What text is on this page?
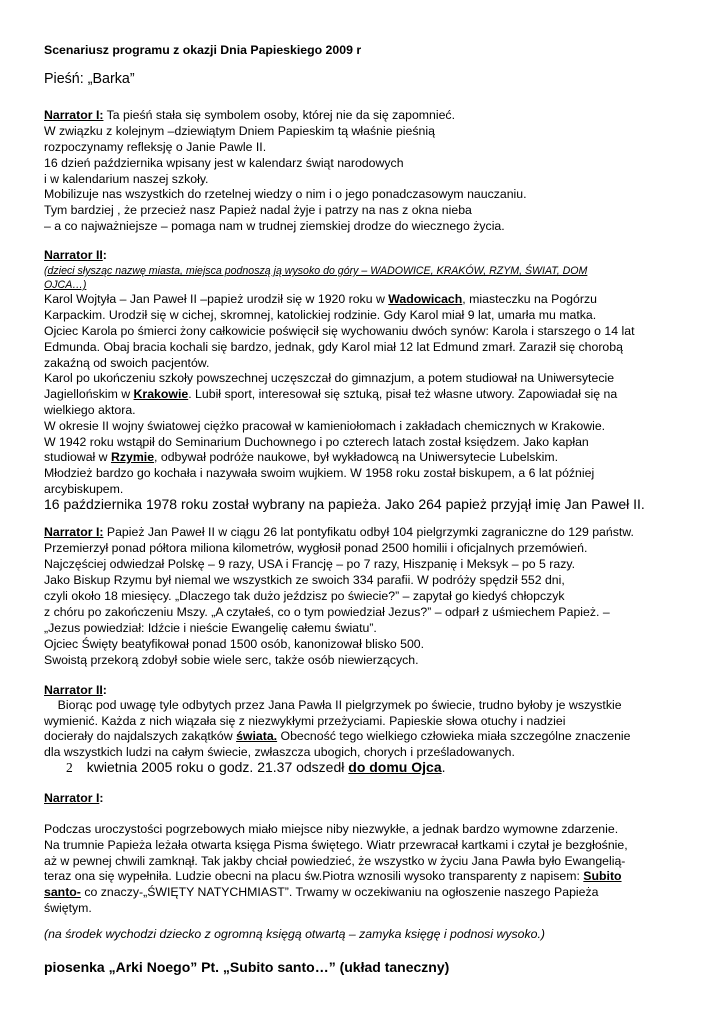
Scenariusz programu z okazji Dnia Papieskiego 2009 r
Pieśń: „Barka”
Narrator I: Ta pieśń stała się symbolem osoby, której nie da się zapomnieć.
W związku z kolejnym –dziewiątym Dniem Papieskim tą właśnie pieśnią
rozpoczynamy refleksję o Janie Pawle II.
16 dzień października wpisany jest w kalendarz świąt narodowych
i w kalendarium naszej szkoły.
Mobilizuje nas wszystkich do rzetelnej wiedzy o nim i o jego ponadczasowym nauczaniu.
Tym bardziej , że przecież nasz Papież nadal żyje i patrzy na nas z okna nieba
– a co najważniejsze – pomaga nam w trudnej ziemskiej drodze do wiecznego życia.
Narrator II:
(dzieci słysząc nazwę miasta, miejsca podnoszą ją wysoko do góry – WADOWICE, KRAKÓW, RZYM, ŚWIAT, DOM
OJCA…)
Karol Wojtyła – Jan Paweł II –papież urodził się w 1920 roku w Wadowicach, miasteczku na Pogórzu
Karpackim. Urodził się w cichej, skromnej, katolickiej rodzinie. Gdy Karol miał 9 lat, umarła mu matka.
Ojciec Karola po śmierci żony całkowicie poświęcił się wychowaniu dwóch synów: Karola i starszego o 14 lat
Edmunda. Obaj bracia kochali się bardzo, jednak, gdy Karol miał 12 lat Edmund zmarł. Zaraził się chorobą
zakaźną od swoich pacjentów.
Karol po ukończeniu szkoły powszechnej uczęszczał do gimnazjum, a potem studiował na Uniwersytecie
Jagiellońskim w Krakowie. Lubił sport, interesował się sztuką, pisał też własne utwory. Zapowiadał się na
wielkiego aktora.
W okresie II wojny światowej ciężko pracował w kamieniołomach i zakładach chemicznych w Krakowie.
W 1942 roku wstąpił do Seminarium Duchownego i po czterech latach został księdzem. Jako kapłan
studiował w Rzymie, odbywał podróże naukowe, był wykładowcą na Uniwersytecie Lubelskim.
Młodzież bardzo go kochała i nazywała swoim wujkiem. W 1958 roku został biskupem, a 6 lat później
arcybiskupem.
16 października 1978 roku został wybrany na papieża. Jako 264 papież przyjął imię Jan Paweł II.
Narrator I: Papież Jan Paweł II w ciągu 26 lat pontyfikatu odbył 104 pielgrzymki zagraniczne do 129 państw.
Przemierzył ponad półtora miliona kilometrów, wygłosił ponad 2500 homilii i oficjalnych przemówień.
Najczęściej odwiedzał Polskę – 9 razy, USA i Francję – po 7 razy, Hiszpanię i Meksyk – po 5 razy.
Jako Biskup Rzymu był niemal we wszystkich ze swoich 334 parafii. W podróży spędził 552 dni,
czyli około 18 miesięcy. „Dlaczego tak dużo jeździsz po świecie?” – zapytał go kiedyś chłopczyk
z chóru po zakończeniu Mszy. „A czytałeś, co o tym powiedział Jezus?” – odparł z uśmiechem Papież. –
„Jezus powiedział: Idźcie i nieście Ewangelię całemu światu”.
Ojciec Święty beatyfikował ponad 1500 osób, kanonizował blisko 500.
Swoistą przekorą zdobył sobie wiele serc, także osób niewierzących.
Narrator II:
Biorąc pod uwagę tyle odbytych przez Jana Pawła II pielgrzymek po świecie, trudno byłoby je wszystkie
wymienić. Każda z nich wiązała się z niezwykłymi przeżyciami. Papieskie słowa otuchy i nadziei
docierały do najdalszych zakątków świata. Obecność tego wielkiego człowieka miała szczególne znaczenie
dla wszystkich ludzi na całym świecie, zwłaszcza ubogich, chorych i prześladowanych.
2 kwietnia 2005 roku o godz. 21.37 odszedł do domu Ojca.
Narrator I:
Podczas uroczystości pogrzebowych miało miejsce niby niezwykłe, a jednak bardzo wymowne zdarzenie.
Na trumnie Papieża leżała otwarta księga Pisma świętego. Wiatr przewracał kartkami i czytał je bezgłośnie,
aż w pewnej chwili zamknął. Tak jakby chciał powiedzieć, że wszystko w życiu Jana Pawła było Ewangelią-
teraz ona się wypełniła. Ludzie obecni na placu św.Piotra wznosili wysoko transparenty z napisem: Subito
santo- co znaczy-„ŚWIĘTY NATYCHMIAST”. Trwamy w oczekiwaniu na ogłoszenie naszego Papieża
świętym.
(na środek wychodzi dziecko z ogromną księgą otwartą – zamyka księgę i podnosi wysoko.)
piosenka „Arki Noego” Pt. „Subito santo…” (układ taneczny)
